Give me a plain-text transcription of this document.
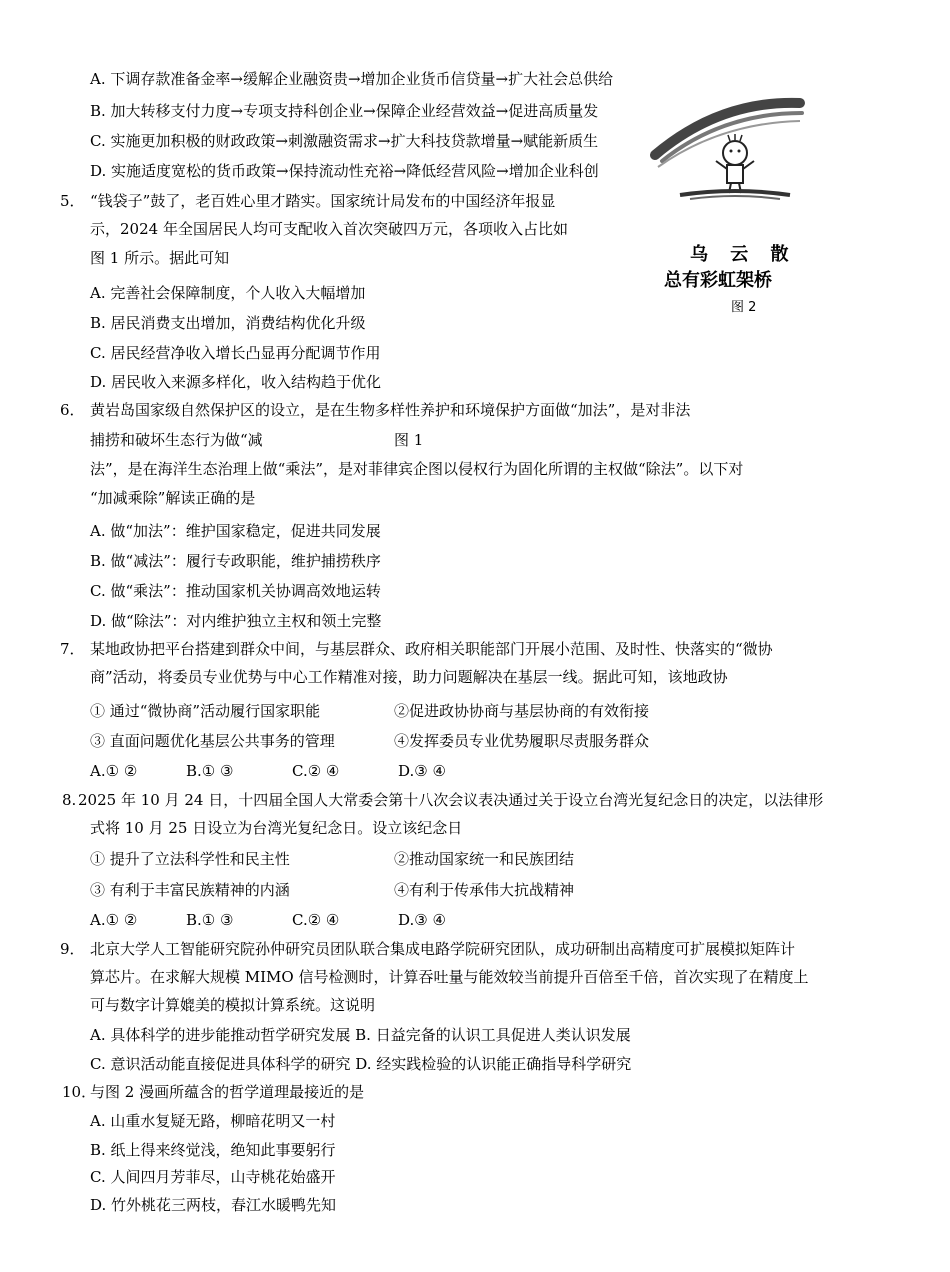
A. 下调存款准备金率→缓解企业融资贵→增加企业货币信贷量→扩大社会总供给
B. 加大转移支付力度→专项支持科创企业→保障企业经营效益→促进高质量发
C. 实施更加积极的财政政策→刺激融资需求→扩大科技贷款增量→赋能新质生
D. 实施适度宽松的货币政策→保持流动性充裕→降低经营风险→增加企业科创
乌 云 散
总有彩虹架桥
图 2
5． “钱袋子”鼓了，老百姓心里才踏实。国家统计局发布的中国经济年报显
示，2024 年全国居民人均可支配收入首次突破四万元，各项收入占比如
图 1 所示。据此可知
A. 完善社会保障制度，个人收入大幅增加
B. 居民消费支出增加，消费结构优化升级
C. 居民经营净收入增长凸显再分配调节作用
D. 居民收入来源多样化，收入结构趋于优化
6． 黄岩岛国家级自然保护区的设立，是在生物多样性养护和环境保护方面做“加法”，是对非法
捕捞和破坏生态行为做“减	图 1
法”，是在海洋生态治理上做“乘法”，是对菲律宾企图以侵权行为固化所谓的主权做“除法”。以下对
“加减乘除”解读正确的是
A. 做“加法”：维护国家稳定，促进共同发展
B. 做“减法”：履行专政职能，维护捕捞秩序
C. 做“乘法”：推动国家机关协调高效地运转
D. 做“除法”：对内维护独立主权和领土完整
7． 某地政协把平台搭建到群众中间，与基层群众、政府相关职能部门开展小范围、及时性、快落实的“微协
商”活动，将委员专业优势与中心工作精准对接，助力问题解决在基层一线。据此可知，该地政协
① 通过“微协商”活动履行国家职能	②促进政协协商与基层协商的有效衔接
③ 直面问题优化基层公共事务的管理	④发挥委员专业优势履职尽责服务群众
A.① ②	B.① ③	C.② ④	D.③ ④
8. 2025 年 10 月 24 日，十四届全国人大常委会第十八次会议表决通过关于设立台湾光复纪念日的决定，以法律形
式将 10 月 25 日设立为台湾光复纪念日。设立该纪念日
① 提升了立法科学性和民主性	②推动国家统一和民族团结
③ 有利于丰富民族精神的内涵	④有利于传承伟大抗战精神
A.① ②	B.① ③	C.② ④	D.③ ④
9． 北京大学人工智能研究院孙仲研究员团队联合集成电路学院研究团队，成功研制出高精度可扩展模拟矩阵计
算芯片。在求解大规模 MIMO 信号检测时，计算吞吐量与能效较当前提升百倍至千倍，首次实现了在精度上
可与数字计算媲美的模拟计算系统。这说明
A. 具体科学的进步能推动哲学研究发展 B. 日益完备的认识工具促进人类认识发展
C. 意识活动能直接促进具体科学的研究 D. 经实践检验的认识能正确指导科学研究
10．
与图 2 漫画所蕴含的哲学道理最接近的是
A. 山重水复疑无路，柳暗花明又一村
B. 纸上得来终觉浅，绝知此事要躬行
C. 人间四月芳菲尽，山寺桃花始盛开
D. 竹外桃花三两枝，春江水暖鸭先知
